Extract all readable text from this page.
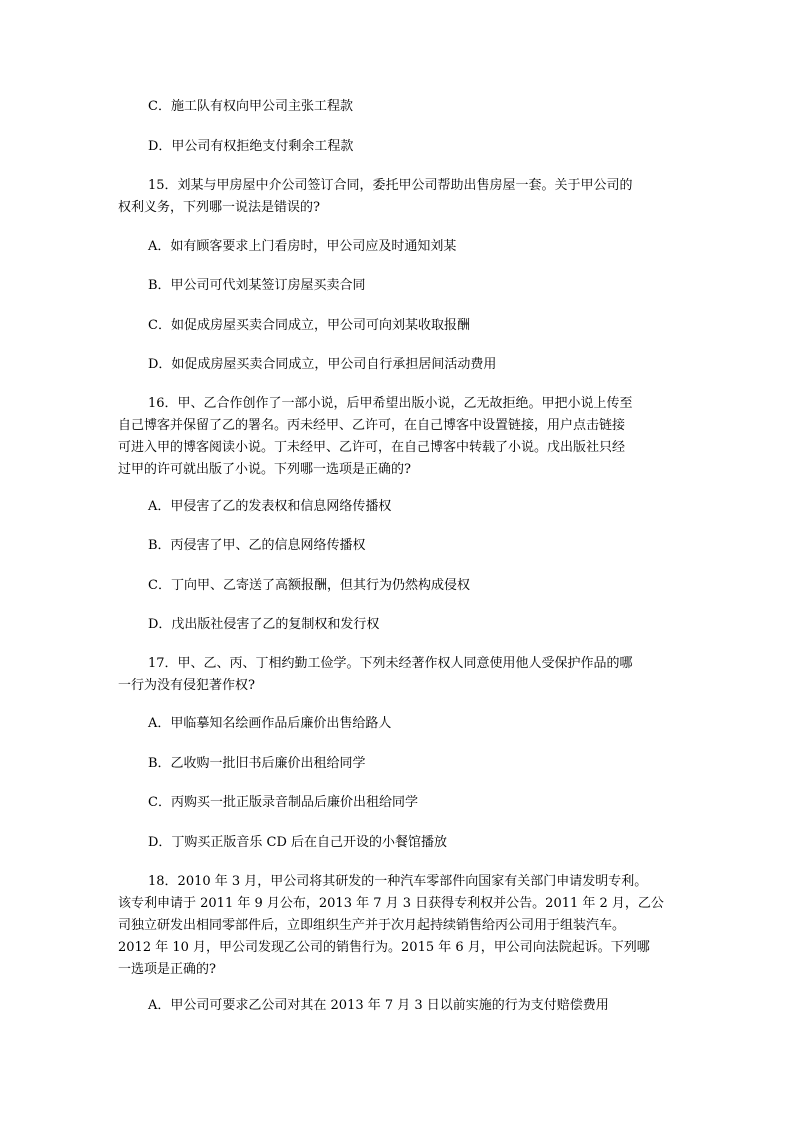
C．施工队有权向甲公司主张工程款

D．甲公司有权拒绝支付剩余工程款

15．刘某与甲房屋中介公司签订合同，委托甲公司帮助出售房屋一套。关于甲公司的

权利义务，下列哪一说法是错误的?

A．如有顾客要求上门看房时，甲公司应及时通知刘某

B．甲公司可代刘某签订房屋买卖合同

C．如促成房屋买卖合同成立，甲公司可向刘某收取报酬

D．如促成房屋买卖合同成立，甲公司自行承担居间活动费用

16．甲、乙合作创作了一部小说，后甲希望出版小说，乙无故拒绝。甲把小说上传至

自己博客并保留了乙的署名。丙未经甲、乙许可，在自己博客中设置链接，用户点击链接

可进入甲的博客阅读小说。丁未经甲、乙许可，在自己博客中转载了小说。戊出版社只经

过甲的许可就出版了小说。下列哪一选项是正确的?

A．甲侵害了乙的发表权和信息网络传播权

B．丙侵害了甲、乙的信息网络传播权

C．丁向甲、乙寄送了高额报酬，但其行为仍然构成侵权

D．戊出版社侵害了乙的复制权和发行权

17．甲、乙、丙、丁相约勤工俭学。下列未经著作权人同意使用他人受保护作品的哪

一行为没有侵犯著作权?

A．甲临摹知名绘画作品后廉价出售给路人

B．乙收购一批旧书后廉价出租给同学

C．丙购买一批正版录音制品后廉价出租给同学

D．丁购买正版音乐 CD 后在自己开设的小餐馆播放

18．2010 年 3 月，甲公司将其研发的一种汽车零部件向国家有关部门申请发明专利。

该专利申请于 2011 年 9 月公布，2013 年 7 月 3 日获得专利权并公告。2011 年 2 月，乙公

司独立研发出相同零部件后，立即组织生产并于次月起持续销售给丙公司用于组装汽车。

2012 年 10 月，甲公司发现乙公司的销售行为。2015 年 6 月，甲公司向法院起诉。下列哪

一选项是正确的?

A．甲公司可要求乙公司对其在 2013 年 7 月 3 日以前实施的行为支付赔偿费用
